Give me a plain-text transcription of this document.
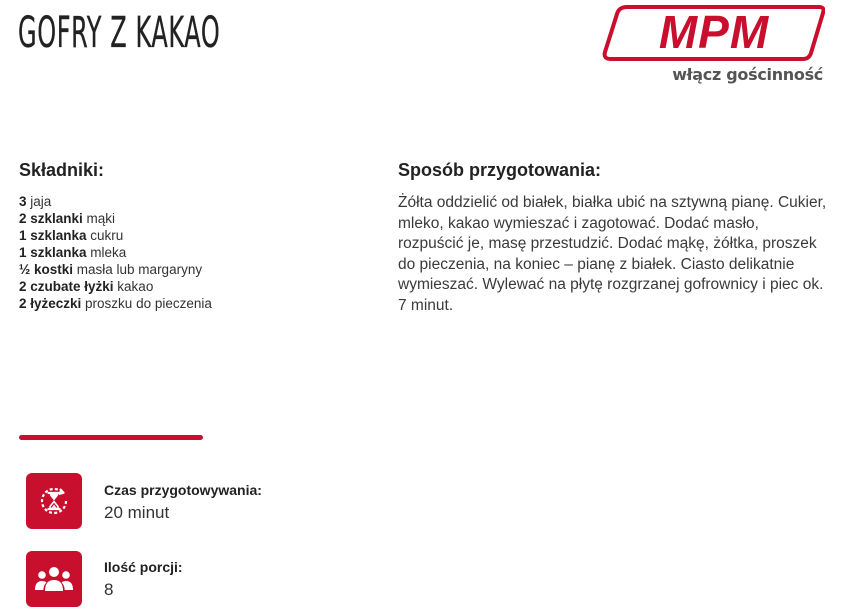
GOFRY Z KAKAO	MPM
włącz gościnność
Składniki:
3 jaja
2 szklanki mąki
1 szklanka cukru
1 szklanka mleka
½ kostki masła lub margaryny
2 czubate łyżki kakao
2 łyżeczki proszku do pieczenia
Sposób przygotowania:

Żółta oddzielić od białek, białka ubić na sztywną pianę. Cukier, mleko, kakao wymieszać i zagotować. Dodać masło, rozpuścić je, masę przestudzić. Dodać mąkę, żółtka, proszek do pieczenia, na koniec – pianę z białek. Ciasto delikatnie wymieszać. Wylewać na płytę rozgrzanej gofrownicy i piec ok. 7 minut.

Czas przygotowywania:
20 minut
Ilość porcji:
8
